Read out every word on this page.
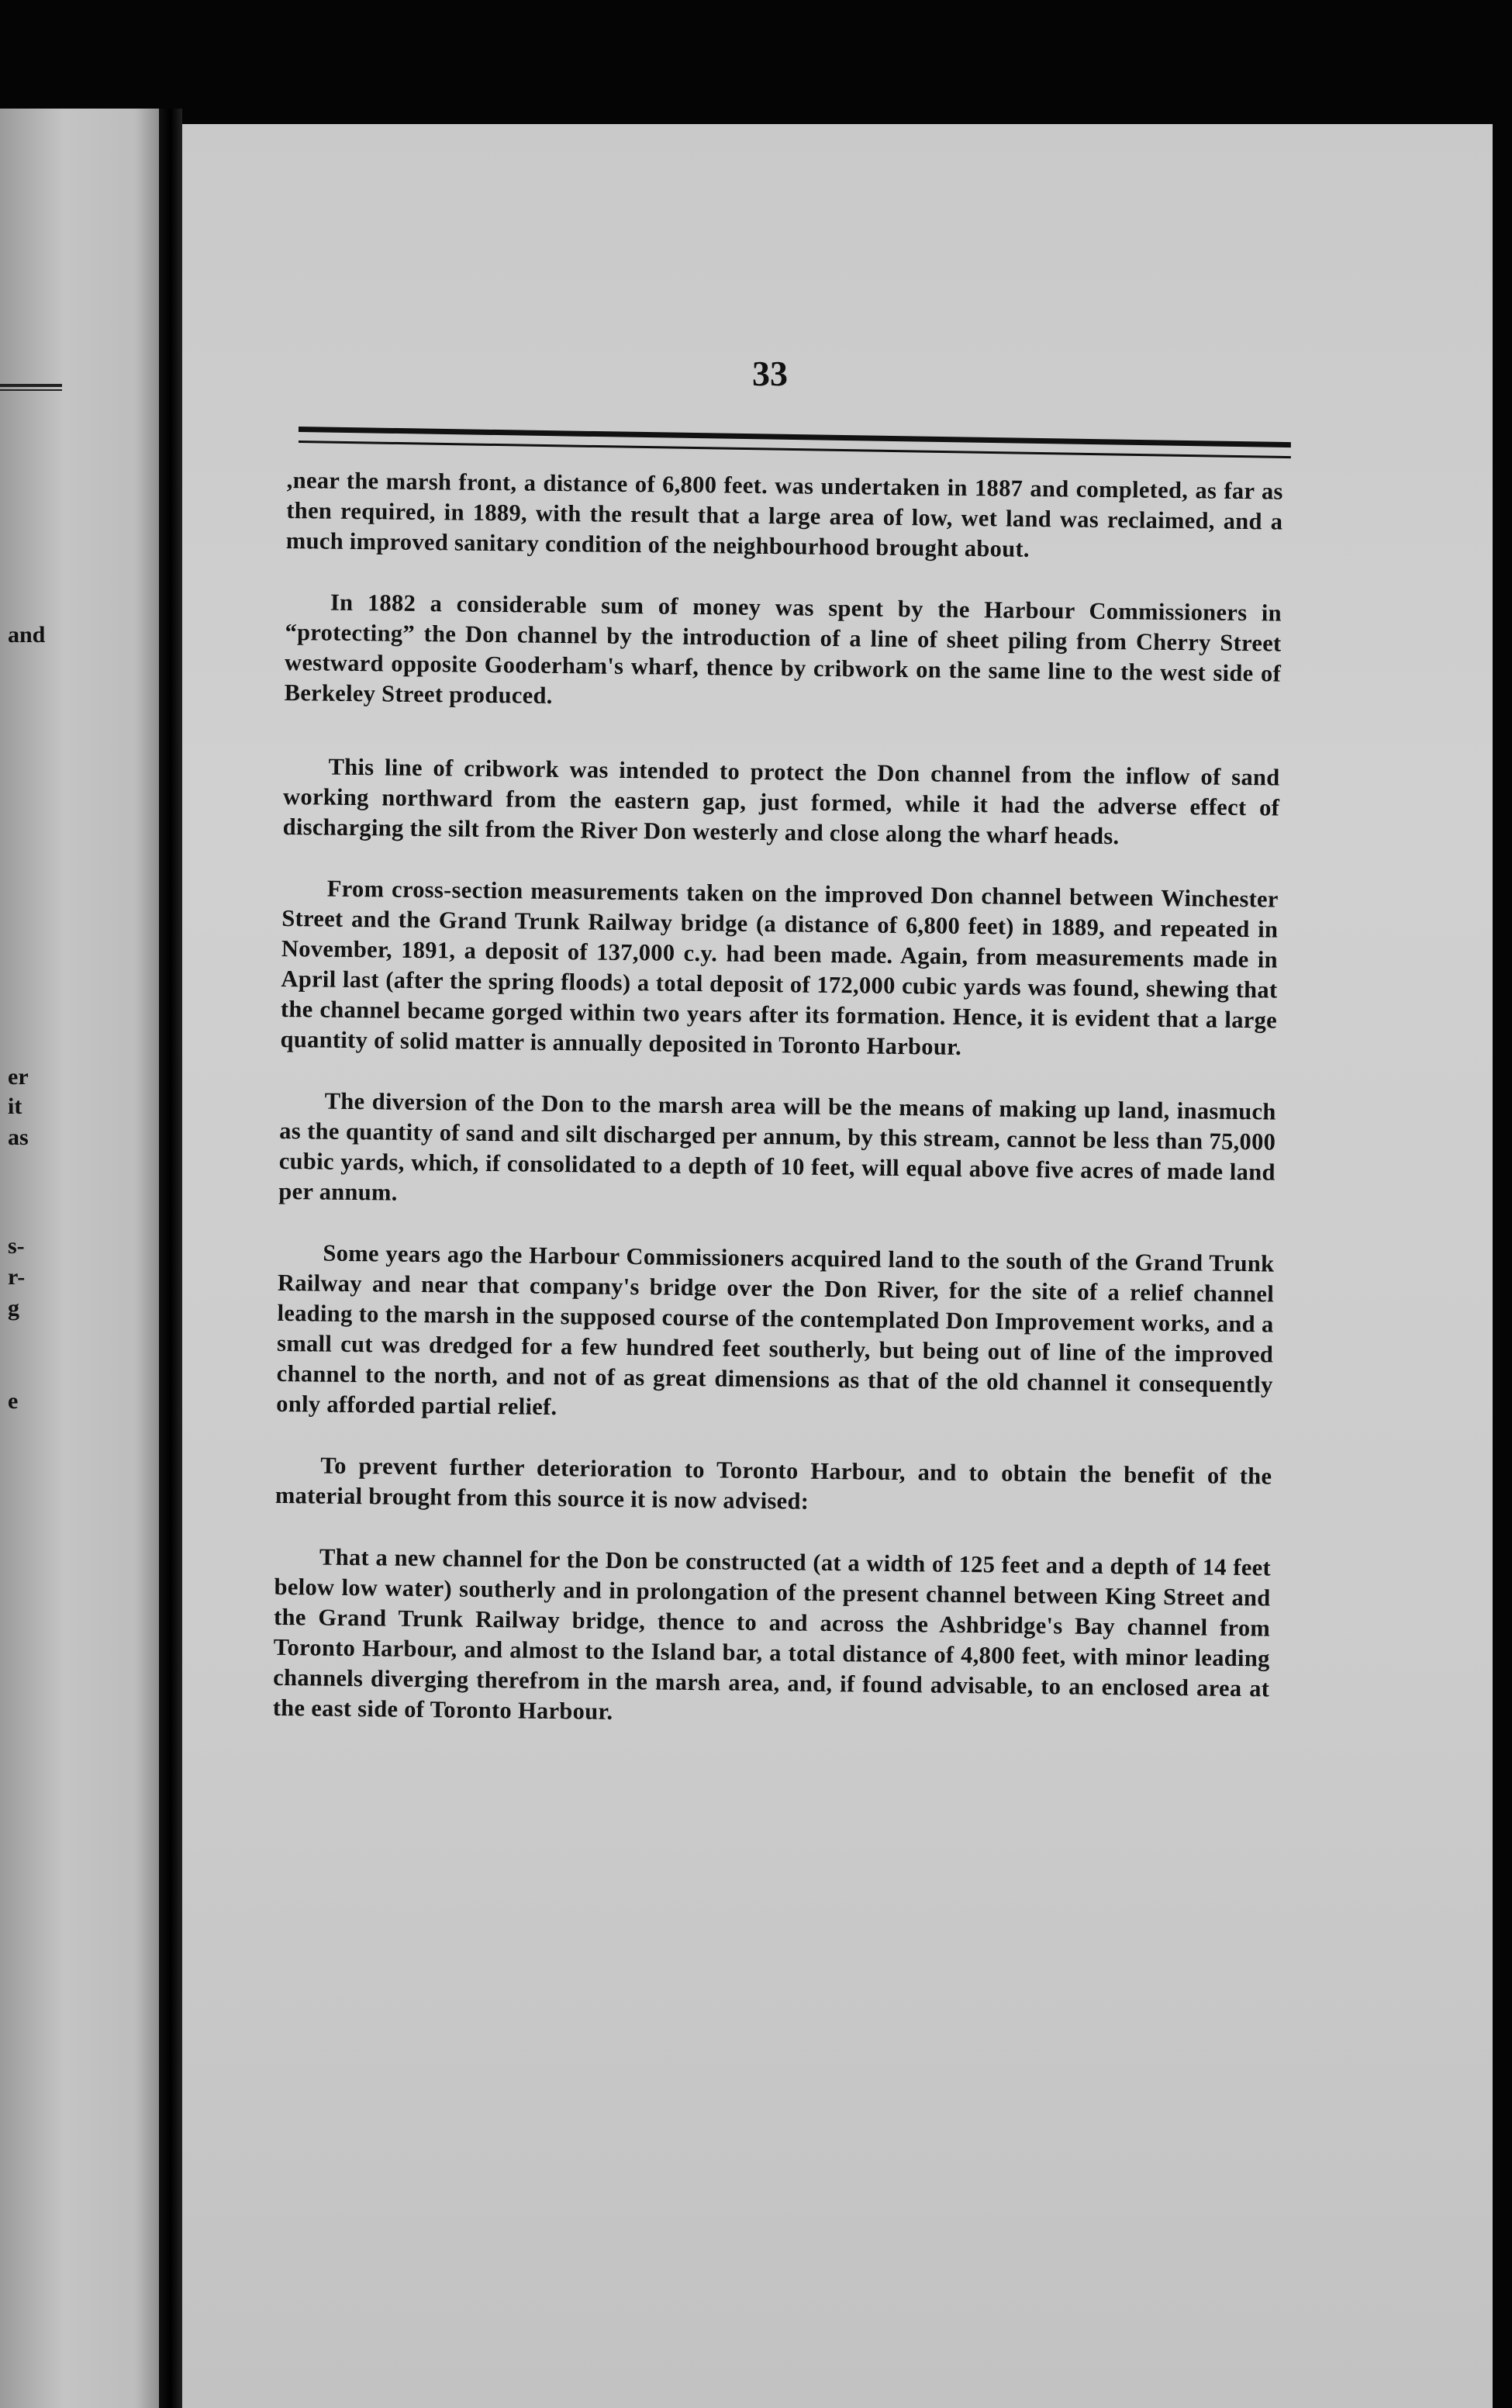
and
er
it
as
s-
r-
g
e
33

,near the marsh front, a distance of 6,800 feet. was undertaken in 1887 and completed, as far as then required, in 1889, with the result that a large area of low, wet land was reclaimed, and a much improved sanitary condition of the neighbourhood brought about.

In 1882 a considerable sum of money was spent by the Harbour Commissioners in “protecting” the Don channel by the introduction of a line of sheet piling from Cherry Street westward opposite Gooderham's wharf, thence by cribwork on the same line to the west side of Berkeley Street produced.

This line of cribwork was intended to protect the Don channel from the inflow of sand working northward from the eastern gap, just formed, while it had the adverse effect of discharging the silt from the River Don westerly and close along the wharf heads.

From cross-section measurements taken on the improved Don channel between Winchester Street and the Grand Trunk Railway bridge (a distance of 6,800 feet) in 1889, and repeated in November, 1891, a deposit of 137,000 c.y. had been made. Again, from measurements made in April last (after the spring floods) a total deposit of 172,000 cubic yards was found, shewing that the channel became gorged within two years after its formation. Hence, it is evident that a large quantity of solid matter is annually deposited in Toronto Harbour.

The diversion of the Don to the marsh area will be the means of making up land, inasmuch as the quantity of sand and silt discharged per annum, by this stream, cannot be less than 75,000 cubic yards, which, if consolidated to a depth of 10 feet, will equal above five acres of made land per annum.

Some years ago the Harbour Commissioners acquired land to the south of the Grand Trunk Railway and near that company's bridge over the Don River, for the site of a relief channel leading to the marsh in the supposed course of the contemplated Don Improvement works, and a small cut was dredged for a few hundred feet southerly, but being out of line of the improved channel to the north, and not of as great dimensions as that of the old channel it consequently only afforded partial relief.

To prevent further deterioration to Toronto Harbour, and to obtain the benefit of the material brought from this source it is now advised:

That a new channel for the Don be constructed (at a width of 125 feet and a depth of 14 feet below low water) southerly and in prolongation of the present channel between King Street and the Grand Trunk Railway bridge, thence to and across the Ashbridge's Bay channel from Toronto Harbour, and almost to the Island bar, a total distance of 4,800 feet, with minor leading channels diverging therefrom in the marsh area, and, if found advisable, to an enclosed area at the east side of Toronto Harbour.
